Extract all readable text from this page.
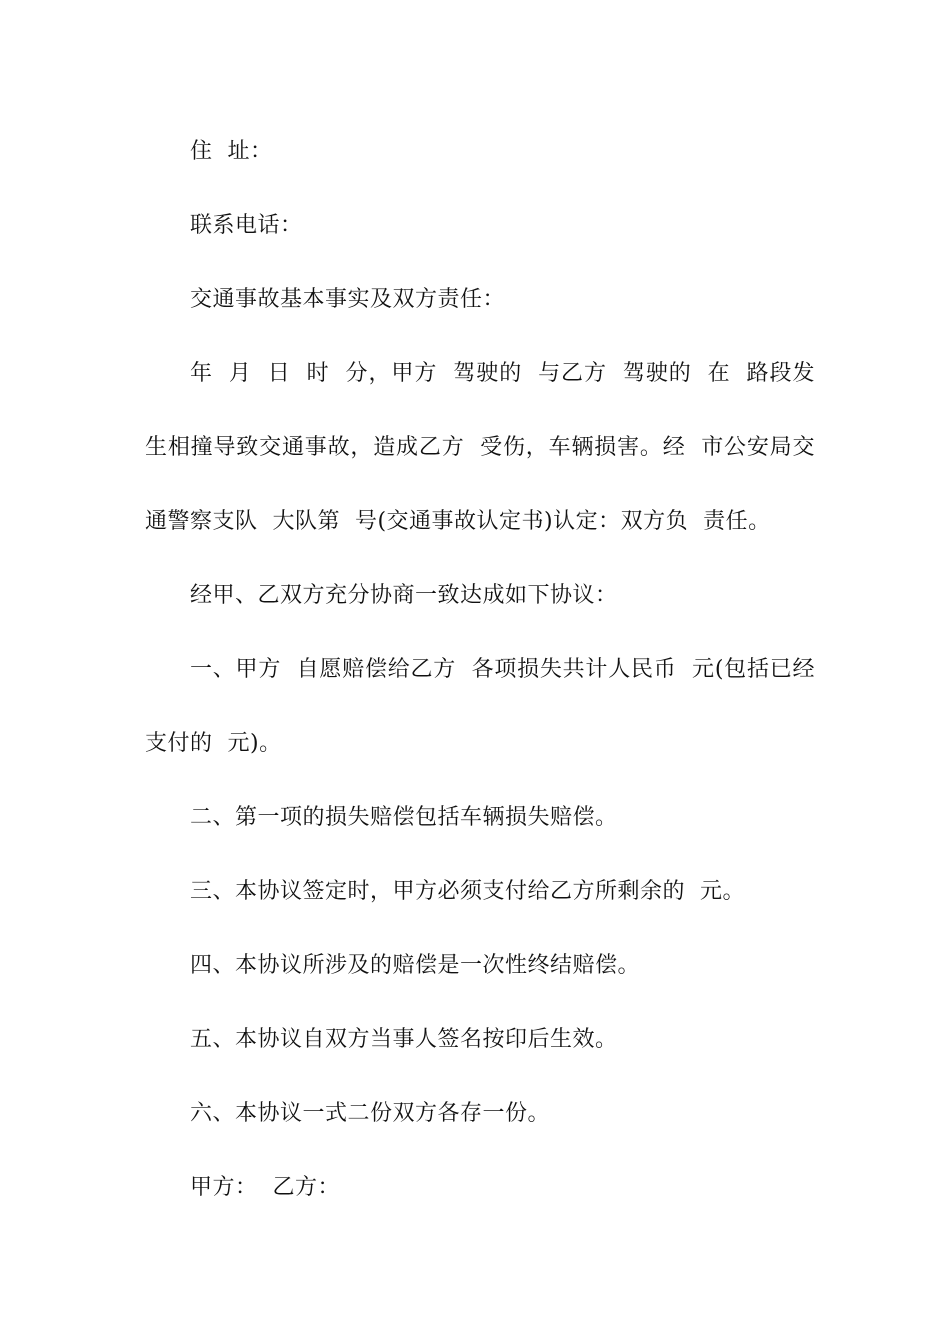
住  址：

联系电话：

交通事故基本事实及双方责任：

年  月  日  时  分，甲方  驾驶的  与乙方  驾驶的  在  路段发生相撞导致交通事故，造成乙方  受伤，车辆损害。经  市公安局交通警察支队  大队第  号(交通事故认定书)认定：双方负  责任。

经甲、乙双方充分协商一致达成如下协议：

一、甲方  自愿赔偿给乙方  各项损失共计人民币  元(包括已经支付的  元)。

二、第一项的损失赔偿包括车辆损失赔偿。

三、本协议签定时，甲方必须支付给乙方所剩余的  元。

四、本协议所涉及的赔偿是一次性终结赔偿。

五、本协议自双方当事人签名按印后生效。

六、本协议一式二份双方各存一份。

甲方：  乙方：
